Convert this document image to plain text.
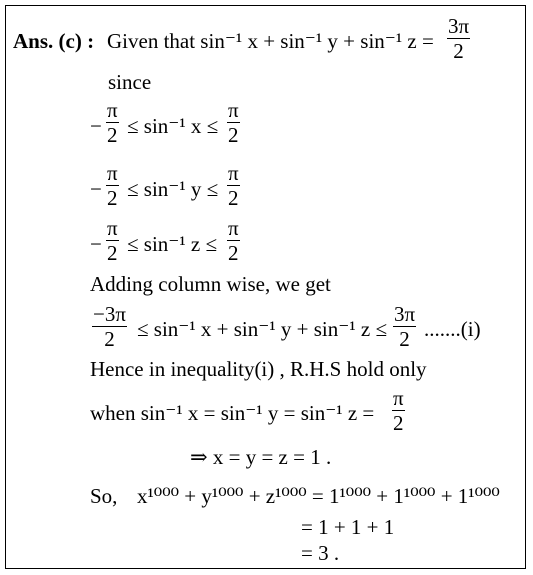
Ans. (c) : Given that sin⁻¹ x + sin⁻¹ y + sin⁻¹ $z = \frac{3\pi}{2}$
since
− $\frac{\pi}{2} \le \sin^{-1}$ $x \le \frac{\pi}{2}$
− $\frac{\pi}{2} \le \sin^{-1}$ $y \le \frac{\pi}{2}$
− $\frac{\pi}{2} \le \sin^{-1}$ $z \le \frac{\pi}{2}$
Adding column wise, we get
$\frac{-3\pi}{2} \le \sin^{-1}$ x + sin⁻¹ y + sin⁻¹ $z \le \frac{3\pi}{2} .......(i)$
Hence in inequality(i) , R.H.S hold only
when sin⁻¹ x = sin⁻¹ y = sin⁻¹ $z = \frac{\pi}{2}$
⇒ x = y = z = 1 .
So, x¹⁰⁰⁰ + y¹⁰⁰⁰ + z¹⁰⁰⁰ = 1¹⁰⁰⁰ + 1¹⁰⁰⁰ + 1¹⁰⁰⁰
= 1 + 1 + 1
= 3 .
